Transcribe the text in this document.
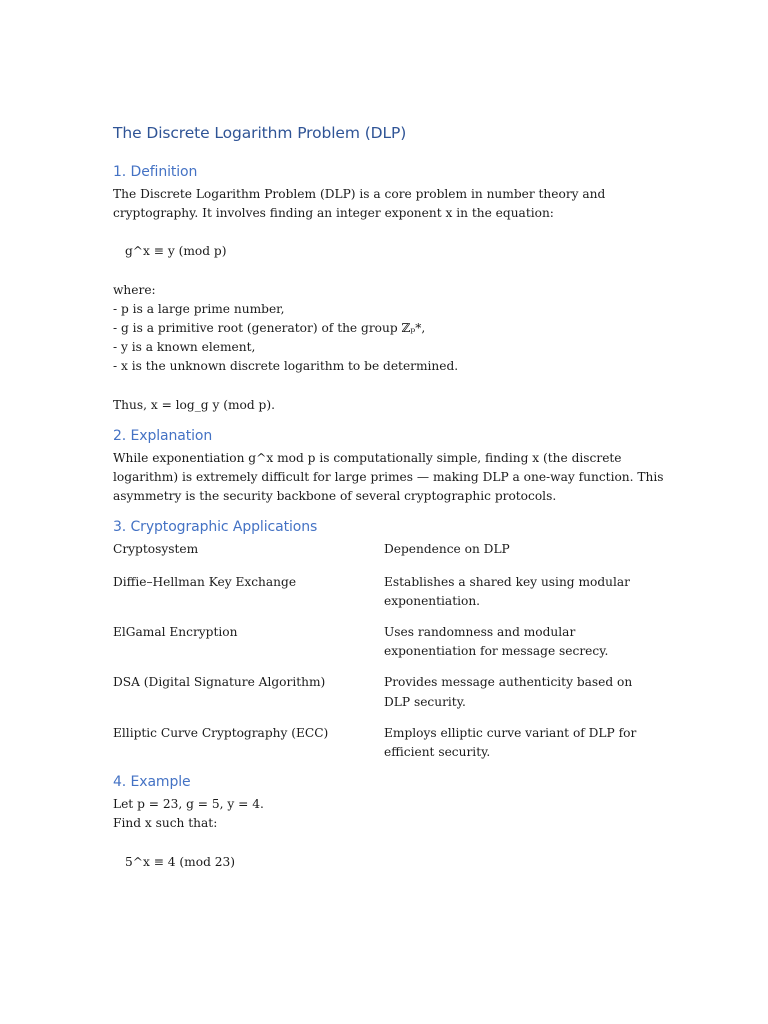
The Discrete Logarithm Problem (DLP)
1. Definition

The Discrete Logarithm Problem (DLP) is a core problem in number theory and

cryptography. It involves finding an integer exponent x in the equation:

g^x ≡ y (mod p)

where:

- p is a large prime number,

- g is a primitive root (generator) of the group ℤₚ*,

- y is a known element,

- x is the unknown discrete logarithm to be determined.

Thus, x = log_g y (mod p).

2. Explanation

While exponentiation g^x mod p is computationally simple, finding x (the discrete

logarithm) is extremely difficult for large primes — making DLP a one-way function. This

asymmetry is the security backbone of several cryptographic protocols.

3. Cryptographic Applications
Cryptosystem	Dependence on DLP
Diffie–Hellman Key Exchange	Establishes a shared key using modular
exponentiation.

ElGamal Encryption	Uses randomness and modular
exponentiation for message secrecy.

DSA (Digital Signature Algorithm)	Provides message authenticity based on
DLP security.

Elliptic Curve Cryptography (ECC)	Employs elliptic curve variant of DLP for
efficient security.
4. Example

Let p = 23, g = 5, y = 4.

Find x such that:

5^x ≡ 4 (mod 23)
